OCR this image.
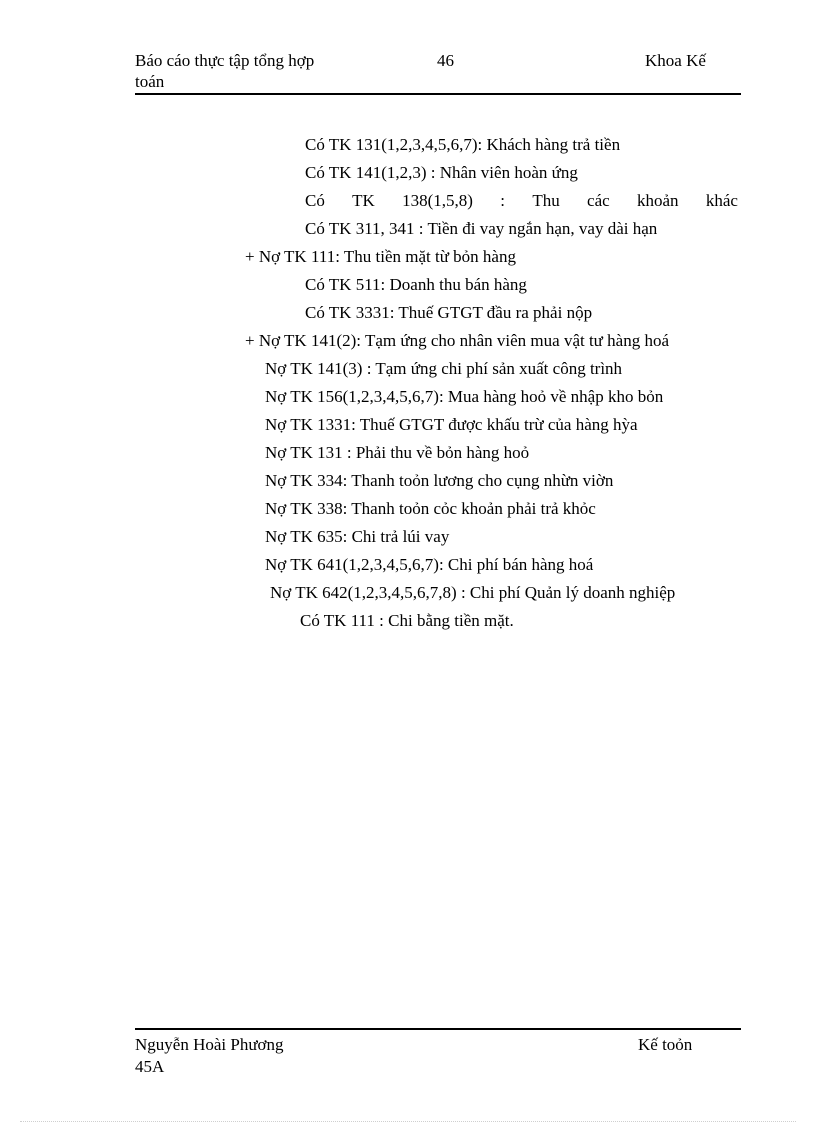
Báo cáo thực tập tổng hợp
toán
46	Khoa Kế
Có TK 131(1,2,3,4,5,6,7): Khách hàng trả tiền
Có TK 141(1,2,3) : Nhân viên hoàn ứng
Có TK 138(1,5,8) : Thu các khoản khác
Có TK 311, 341 : Tiền đi vay ngắn hạn, vay dài hạn
+ Nợ TK 111: Thu tiền mặt từ bỏn hàng
Có TK 511: Doanh thu bán hàng
Có TK 3331: Thuế GTGT đầu ra phải nộp
+ Nợ TK 141(2): Tạm ứng cho nhân viên mua vật tư hàng hoá
Nợ TK 141(3) : Tạm ứng chi phí sản xuất công trình
Nợ TK 156(1,2,3,4,5,6,7): Mua hàng hoỏ về nhập kho bỏn
Nợ TK 1331: Thuế GTGT được khấu trừ của hàng hỳa
Nợ TK 131 : Phải thu về bỏn hàng hoỏ
Nợ TK 334: Thanh toỏn lương cho cụng nhừn viờn
Nợ TK 338: Thanh toỏn cỏc khoản phải trả khỏc
Nợ TK 635: Chi trả lúi vay
Nợ TK 641(1,2,3,4,5,6,7): Chi phí bán hàng hoá
Nợ TK 642(1,2,3,4,5,6,7,8) : Chi phí Quản lý doanh nghiệp
Có TK 111 : Chi bằng tiền mặt.
Nguyễn Hoài Phương
45A
Kế toỏn
